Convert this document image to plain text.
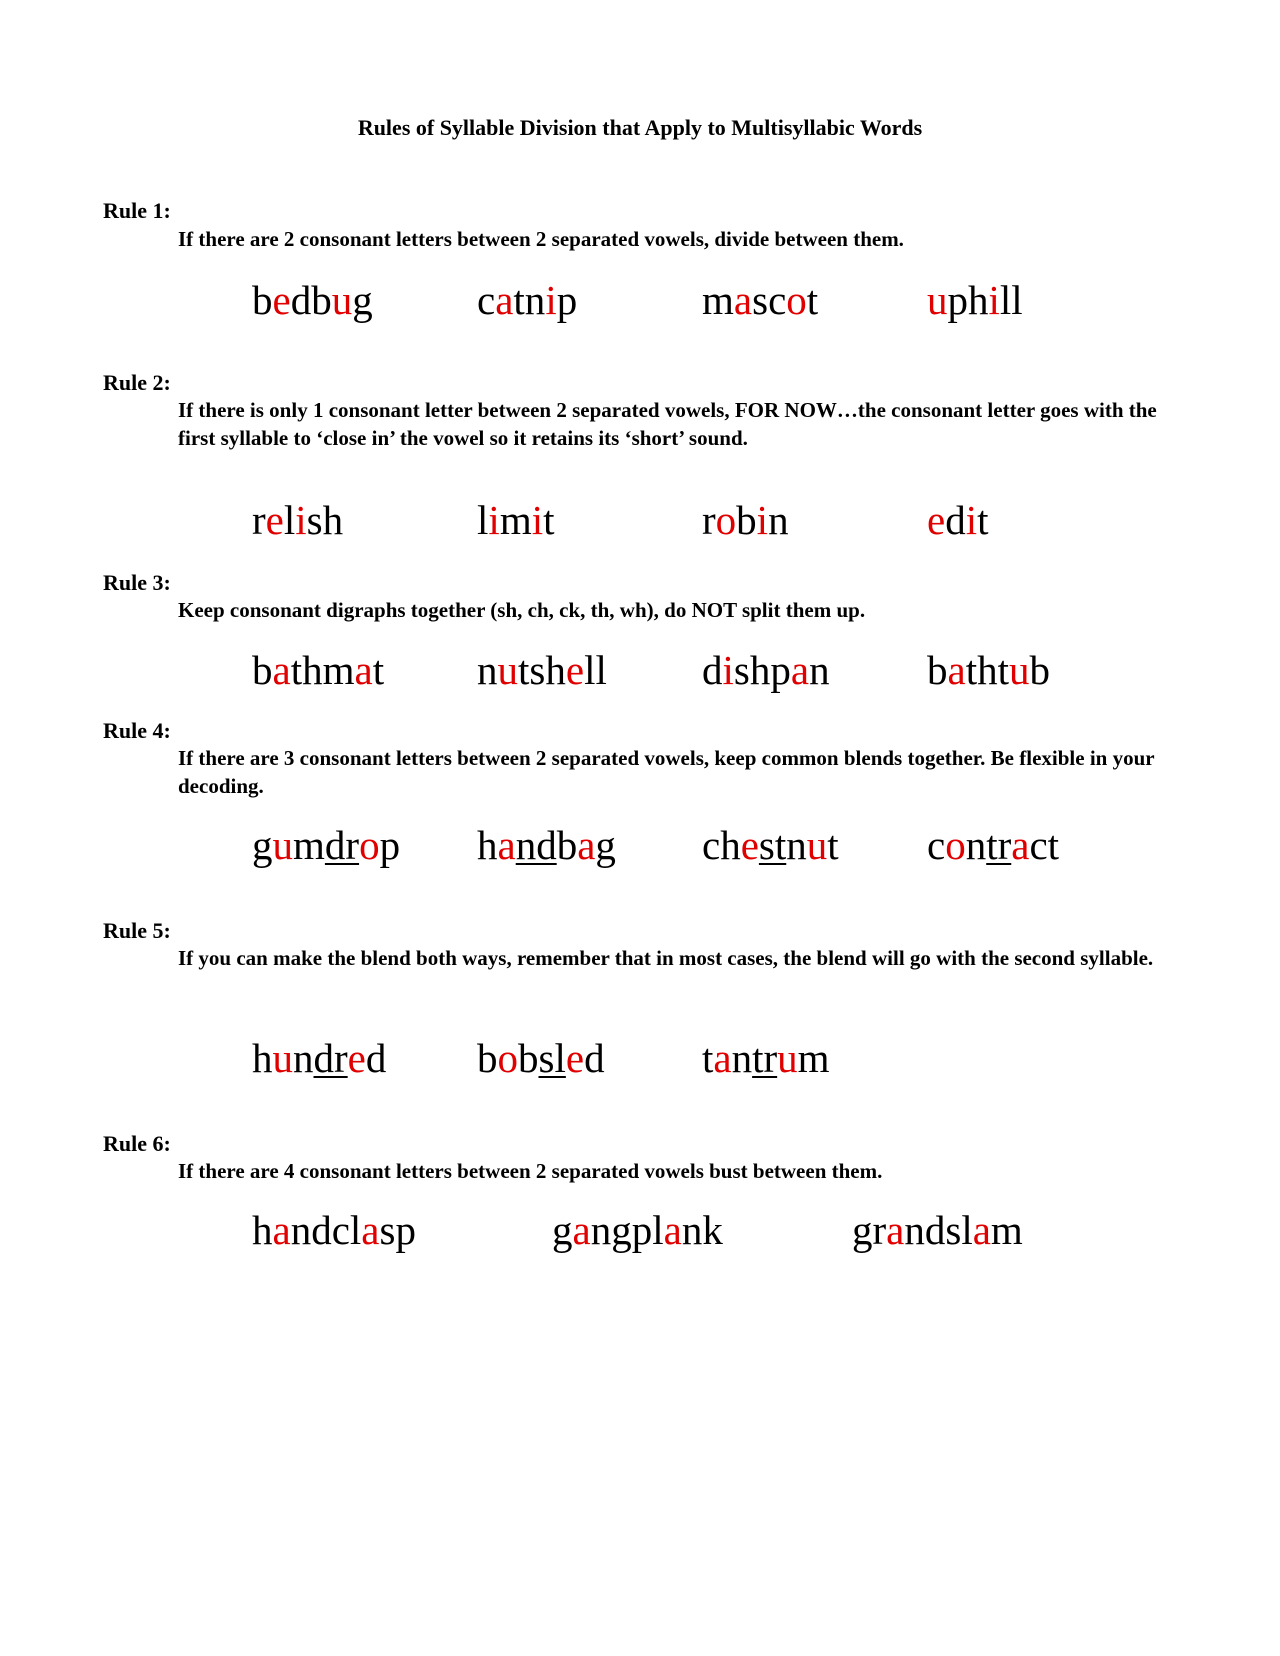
Rules of Syllable Division that Apply to Multisyllabic Words
Rule 1:
If there are 2 consonant letters between 2 separated vowels, divide between them.
bedbug	catnip	mascot	uphill
Rule 2:
If there is only 1 consonant letter between 2 separated vowels, FOR NOW…the consonant letter goes with the first syllable to ‘close in’ the vowel so it retains its ‘short’ sound.
relish	limit	robin	edit
Rule 3:
Keep consonant digraphs together (sh, ch, ck, th, wh), do NOT split them up.
bathmat nutshell dishpan bathtub
Rule 4:
If there are 3 consonant letters between 2 separated vowels, keep common blends together. Be flexible in your decoding.
gumdrop handbag chestnut contract
Rule 5:
If you can make the blend both ways, remember that in most cases, the blend will go with the second syllable.
hundred bobsled tantrum
Rule 6:
If there are 4 consonant letters between 2 separated vowels bust between them.
handclasp	gangplank	grandslam
